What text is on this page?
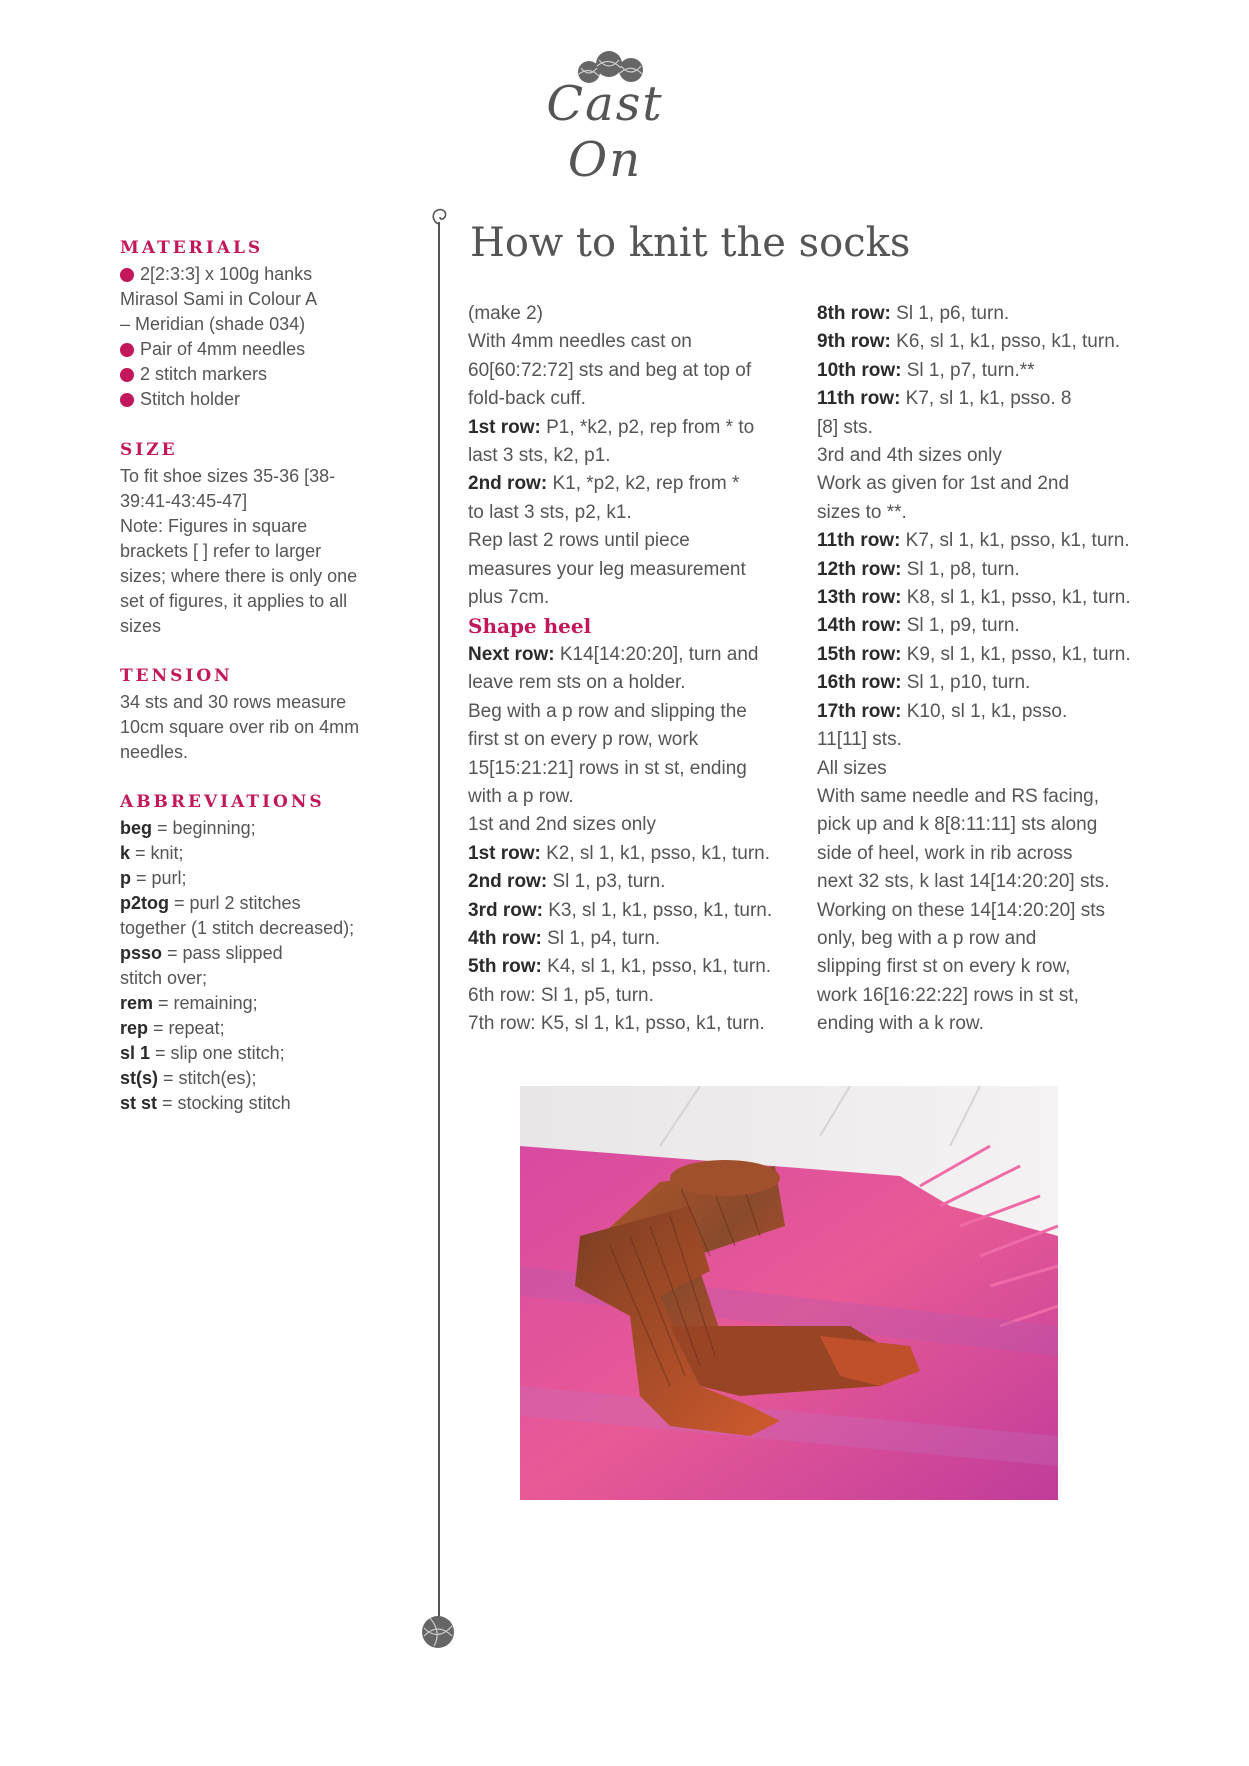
Cast On
MATERIALS
2[2:3:3] x 100g hanks
Mirasol Sami in Colour A
– Meridian (shade 034)
Pair of 4mm needles
2 stitch markers
Stitch holder
SIZE
To fit shoe sizes 35-36 [38-
39:41-43:45-47]
Note: Figures in square
brackets [ ] refer to larger
sizes; where there is only one
set of figures, it applies to all
sizes
TENSION
34 sts and 30 rows measure
10cm square over rib on 4mm
needles.
ABBREVIATIONS
beg = beginning;
k = knit;
p = purl;
p2tog = purl 2 stitches
together (1 stitch decreased);
psso = pass slipped
stitch over;
rem = remaining;
rep = repeat;
sl 1 = slip one stitch;
st(s) = stitch(es);
st st = stocking stitch
How to knit the socks
(make 2)
With 4mm needles cast on
60[60:72:72] sts and beg at top of
fold-back cuff.
1st row: P1, *k2, p2, rep from * to
last 3 sts, k2, p1.
2nd row: K1, *p2, k2, rep from *
to last 3 sts, p2, k1.
Rep last 2 rows until piece
measures your leg measurement
plus 7cm.
Shape heel
Next row: K14[14:20:20], turn and
leave rem sts on a holder.
Beg with a p row and slipping the
first st on every p row, work
15[15:21:21] rows in st st, ending
with a p row.
1st and 2nd sizes only
1st row: K2, sl 1, k1, psso, k1, turn.
2nd row: Sl 1, p3, turn.
3rd row: K3, sl 1, k1, psso, k1, turn.
4th row: Sl 1, p4, turn.
5th row: K4, sl 1, k1, psso, k1, turn.
6th row: Sl 1, p5, turn.
7th row: K5, sl 1, k1, psso, k1, turn.
8th row: Sl 1, p6, turn.
9th row: K6, sl 1, k1, psso, k1, turn.
10th row: Sl 1, p7, turn.**
11th row: K7, sl 1, k1, psso. 8
[8] sts.
3rd and 4th sizes only
Work as given for 1st and 2nd
sizes to **.
11th row: K7, sl 1, k1, psso, k1, turn.
12th row: Sl 1, p8, turn.
13th row: K8, sl 1, k1, psso, k1, turn.
14th row: Sl 1, p9, turn.
15th row: K9, sl 1, k1, psso, k1, turn.
16th row: Sl 1, p10, turn.
17th row: K10, sl 1, k1, psso.
11[11] sts.
All sizes
With same needle and RS facing,
pick up and k 8[8:11:11] sts along
side of heel, work in rib across
next 32 sts, k last 14[14:20:20] sts.
Working on these 14[14:20:20] sts
only, beg with a p row and
slipping first st on every k row,
work 16[16:22:22] rows in st st,
ending with a k row.
